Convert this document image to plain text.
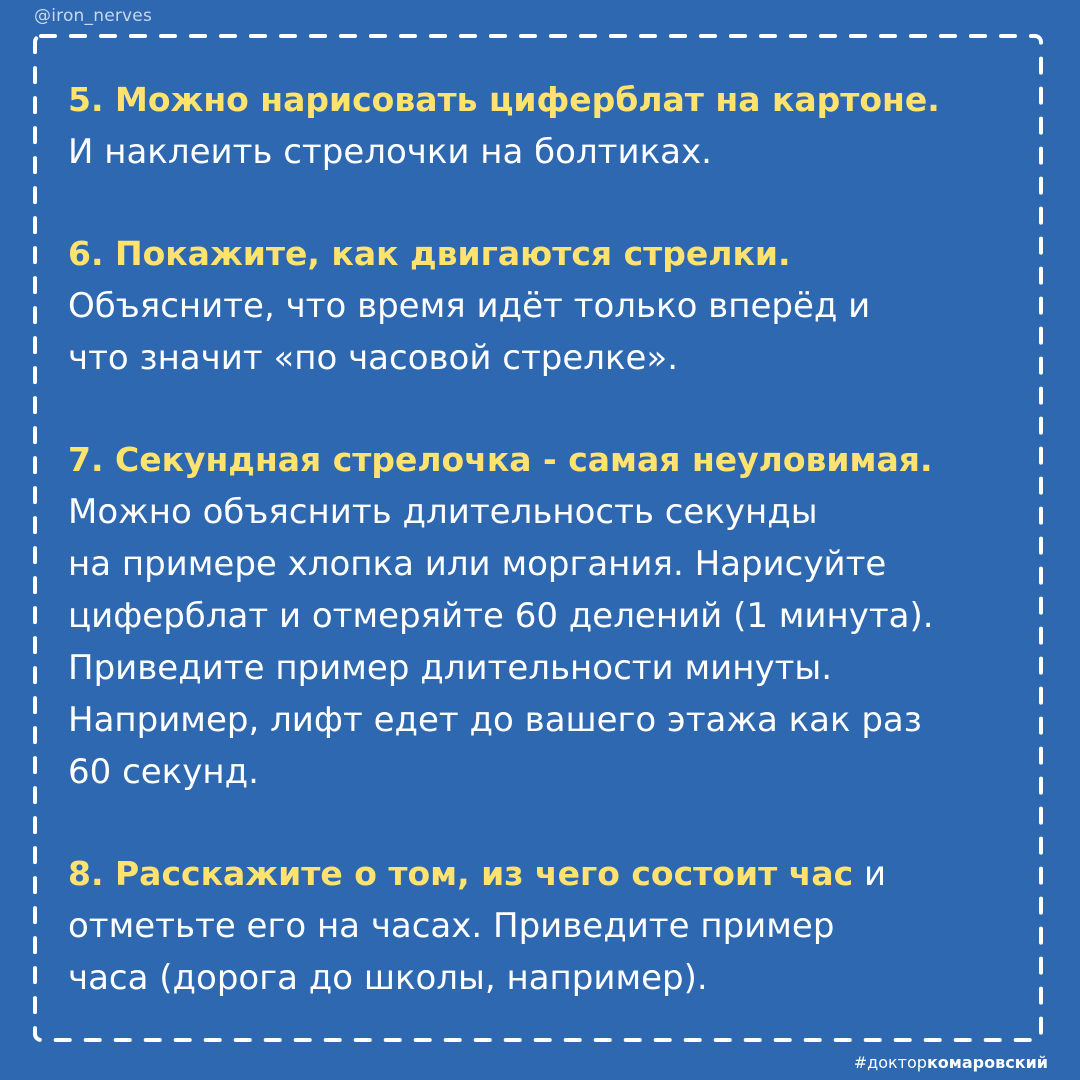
@iron_nerves
5. Можно нарисовать циферблат на картоне.
И наклеить стрелочки на болтиках.
6. Покажите, как двигаются стрелки.
Объясните, что время идёт только вперёд и
что значит «по часовой стрелке».
7. Секундная стрелочка - самая неуловимая.
Можно объяснить длительность секунды
на примере хлопка или моргания. Нарисуйте
циферблат и отмеряйте 60 делений (1 минута).
Приведите пример длительности минуты.
Например, лифт едет до вашего этажа как раз
60 секунд.
8. Расскажите о том, из чего состоит час и
отметьте его на часах. Приведите пример
часа (дорога до школы, например).
#докторкомаровский
